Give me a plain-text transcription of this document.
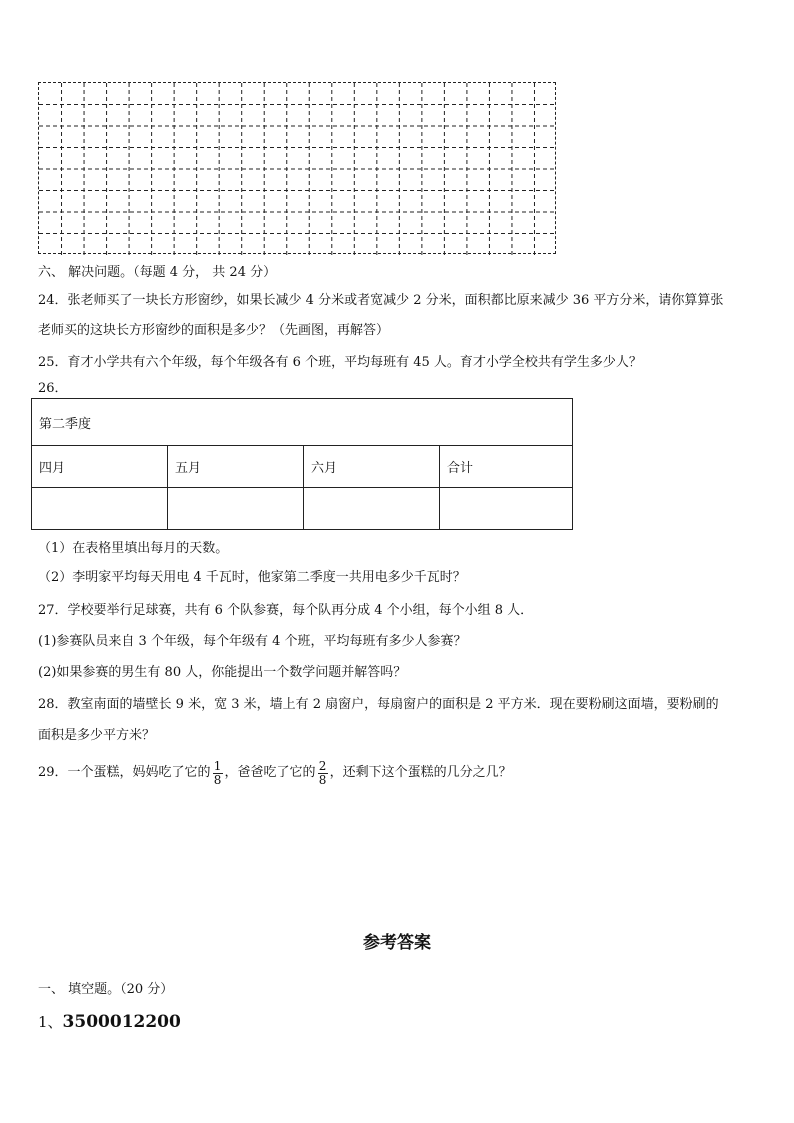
六、 解决问题。（每题 4 分， 共 24 分）
24．张老师买了一块长方形窗纱，如果长减少 4 分米或者宽减少 2 分米，面积都比原来减少 36 平方分米，请你算算张
老师买的这块长方形窗纱的面积是多少？（先画图，再解答）
25．育才小学共有六个年级，每个年级各有 6 个班，平均每班有 45 人。育才小学全校共有学生多少人？
26．
第二季度			
四月	五月	六月	合计

（1）在表格里填出每月的天数。
（2）李明家平均每天用电 4 千瓦时，他家第二季度一共用电多少千瓦时？
27．学校要举行足球赛，共有 6 个队参赛，每个队再分成 4 个小组，每个小组 8 人．
(1)参赛队员来自 3 个年级，每个年级有 4 个班，平均每班有多少人参赛？
(2)如果参赛的男生有 80 人，你能提出一个数学问题并解答吗？
28．教室南面的墙壁长 9 米，宽 3 米，墙上有 2 扇窗户，每扇窗户的面积是 2 平方米．现在要粉刷这面墙，要粉刷的
面积是多少平方米？
29．一个蛋糕，妈妈吃了它的 $\frac{1}{8}$ ，爸爸吃了它的 $\frac{2}{8}$ ，还剩下这个蛋糕的几分之几？
参考答案
一、 填空题。（20 分）
1、3500012200
